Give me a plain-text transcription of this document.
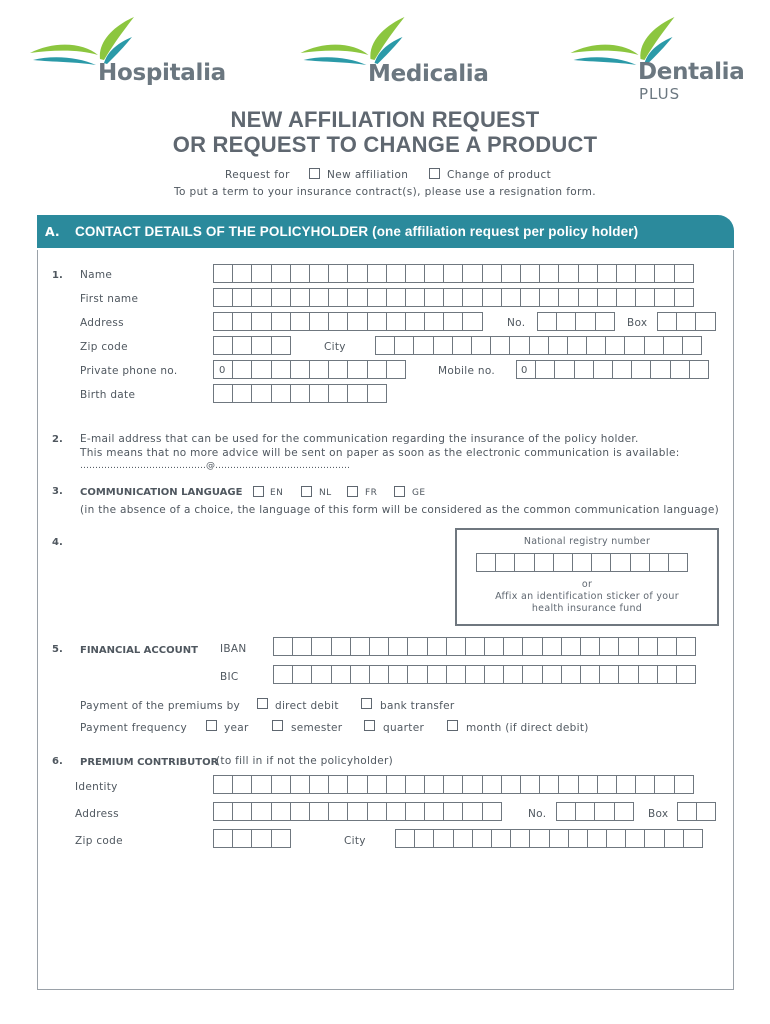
Hospitalia	Medicalia	Dentalia
PLUS
NEW AFFILIATION REQUEST
OR REQUEST TO CHANGE A PRODUCT
Request for	New affiliation	Change of product
To put a term to your insurance contract(s), please use a resignation form.
A. CONTACT DETAILS OF THE POLICYHOLDER (one affiliation request per policy holder)
1. Name
First name
Address	No.	Box
Zip code	City
Private phone no.	0	Mobile no.	0
Birth date
2. E-mail address that can be used for the communication regarding the insurance of the policy holder.
This means that no more advice will be sent on paper as soon as the electronic communication is available:
……………………………………@………………………………………
3. COMMUNICATION LANGUAGE	EN	NL	FR	GE
(in the absence of a choice, the language of this form will be considered as the common communication language)
4.	National registry number
or
Affix an identification sticker of your
health insurance fund
5. FINANCIAL ACCOUNT IBAN
BIC
Payment of the premiums by	direct debit	bank transfer
Payment frequency	year	semester	quarter	month (if direct debit)
6. PREMIUM CONTRIBUTOR
(to fill in if not the policyholder)
Identity
Address	No.	Box
Zip code	City
